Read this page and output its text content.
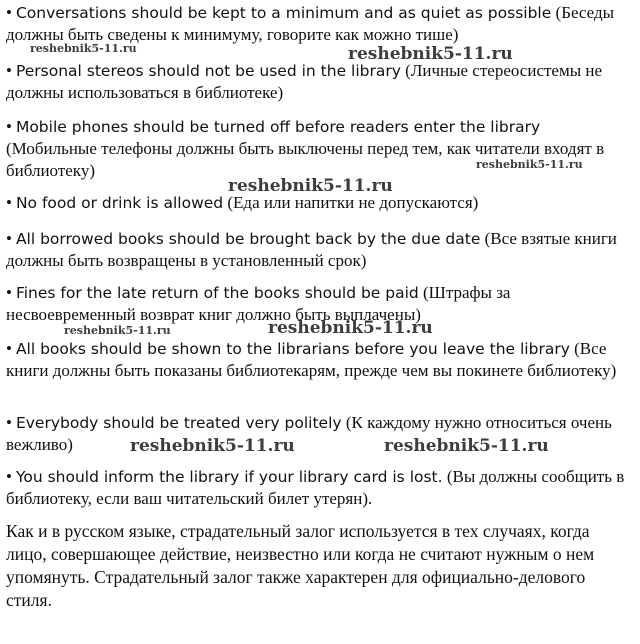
• Conversations should be kept to a minimum and as quiet as possible (Беседы должны быть сведены к минимуму, говорите как можно тише)
• Personal stereos should not be used in the library (Личные стереосистемы не должны использоваться в библиотеке)
• Mobile phones should be turned off before readers enter the library (Мобильные телефоны должны быть выключены перед тем, как читатели входят в библиотеку)
• No food or drink is allowed (Еда или напитки не допускаются)
• All borrowed books should be brought back by the due date (Все взятые книги должны быть возвращены в установленный срок)
• Fines for the late return of the books should be paid (Штрафы за несвоевременный возврат книг должно быть выплачены)
• All books should be shown to the librarians before you leave the library (Все книги должны быть показаны библиотекарям, прежде чем вы покинете библиотеку)
• Everybody should be treated very politely (К каждому нужно относиться очень вежливо)
• You should inform the library if your library card is lost. (Вы должны сообщить в библиотеку, если ваш читательский билет утерян).
Как и в русском языке, страдательный залог используется в тех случаях, когда лицо, совершающее действие, неизвестно или когда не считают нужным о нем упомянуть. Страдательный залог также характерен для официально-делового стиля.
reshebnik5-11.ru	reshebnik5-11.ru
reshebnik5-11.ru
reshebnik5-11.ru
reshebnik5-11.ru	reshebnik5-11.ru
reshebnik5-11.ru	reshebnik5-11.ru
